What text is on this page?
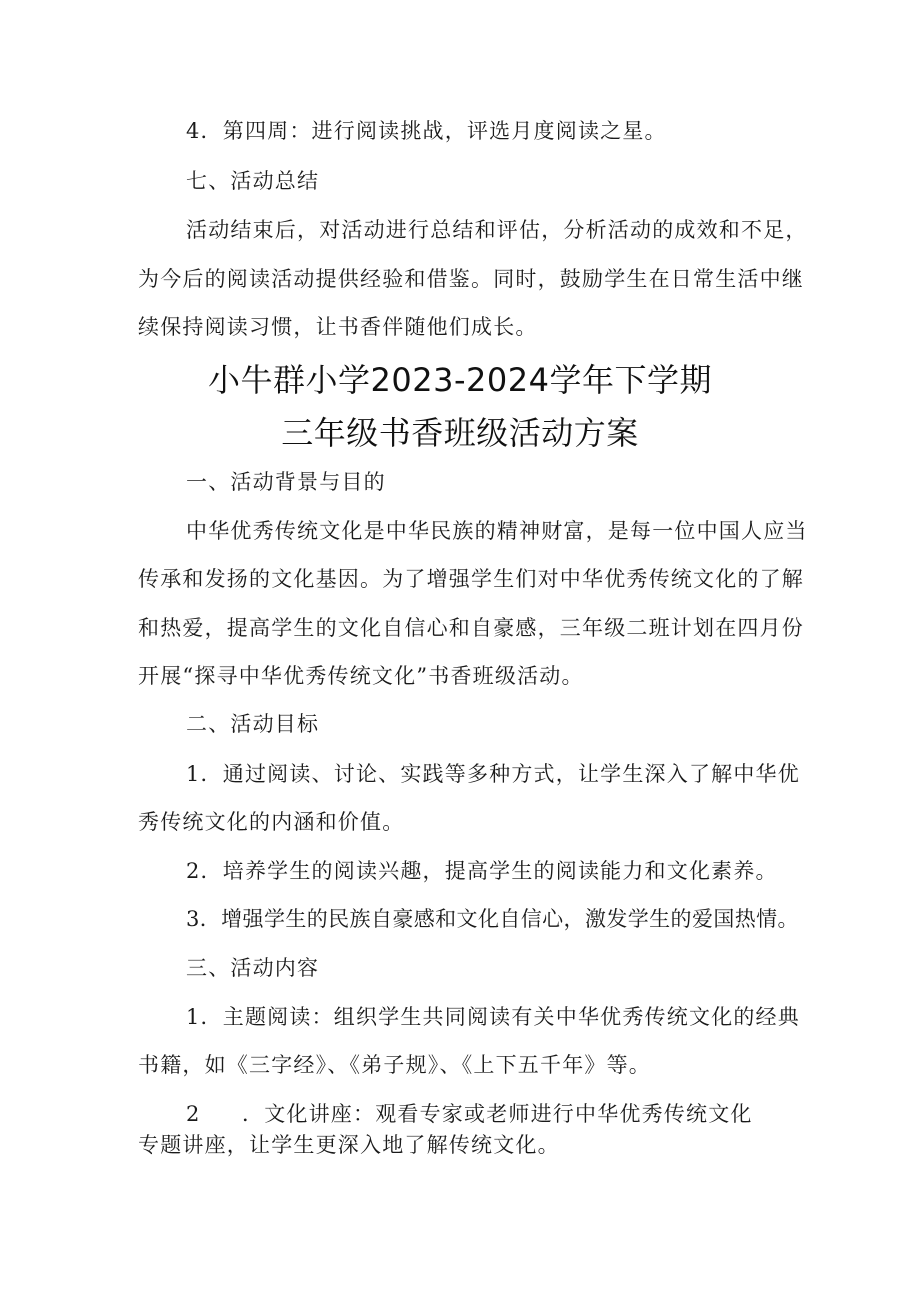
4．第四周：进行阅读挑战，评选月度阅读之星。
七、活动总结
活动结束后，对活动进行总结和评估，分析活动的成效和不足，
为今后的阅读活动提供经验和借鉴。同时，鼓励学生在日常生活中继
续保持阅读习惯，让书香伴随他们成长。
小牛群小学2023-2024学年下学期
三年级书香班级活动方案
一、活动背景与目的
中华优秀传统文化是中华民族的精神财富，是每一位中国人应当
传承和发扬的文化基因。为了增强学生们对中华优秀传统文化的了解
和热爱，提高学生的文化自信心和自豪感，三年级二班计划在四月份
开展“探寻中华优秀传统文化”书香班级活动。
二、活动目标
1．通过阅读、讨论、实践等多种方式，让学生深入了解中华优
秀传统文化的内涵和价值。
2．培养学生的阅读兴趣，提高学生的阅读能力和文化素养。
3．增强学生的民族自豪感和文化自信心，激发学生的爱国热情。
三、活动内容
1．主题阅读：组织学生共同阅读有关中华优秀传统文化的经典
书籍，如《三字经》、《弟子规》、《上下五千年》等。
2 ．文化讲座：观看专家或老师进行中华优秀传统文化
专题讲座，让学生更深入地了解传统文化。
